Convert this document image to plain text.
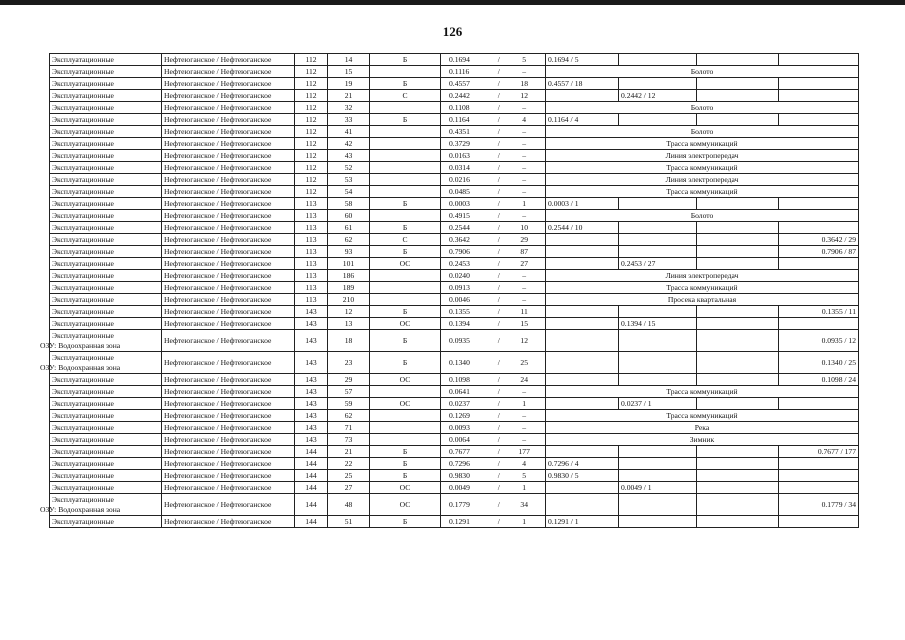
126
Эксплуатационные	Нефтеюганское / Нефтеюганское	112	14	Б	0.1694 / 5	0.1694 / 5			

Эксплуатационные	Нефтеюганское / Нефтеюганское	112	15		0.1116 / –	Болото			

Эксплуатационные	Нефтеюганское / Нефтеюганское	112	19	Б	0.4557 / 18	0.4557 / 18			

Эксплуатационные	Нефтеюганское / Нефтеюганское	112	21	С	0.2442 / 12		0.2442 / 12		

Эксплуатационные	Нефтеюганское / Нефтеюганское	112	32		0.1108 / –	Болото			

Эксплуатационные	Нефтеюганское / Нефтеюганское	112	33	Б	0.1164 / 4	0.1164 / 4			

Эксплуатационные	Нефтеюганское / Нефтеюганское	112	41		0.4351 / –	Болото			

Эксплуатационные	Нефтеюганское / Нефтеюганское	112	42		0.3729 / –	Трасса коммуникаций			

Эксплуатационные	Нефтеюганское / Нефтеюганское	112	43		0.0163 / –	Линия электропередач			

Эксплуатационные	Нефтеюганское / Нефтеюганское	112	52		0.0314 / –	Трасса коммуникаций			

Эксплуатационные	Нефтеюганское / Нефтеюганское	112	53		0.0216 / –	Линия электропередач			

Эксплуатационные	Нефтеюганское / Нефтеюганское	112	54		0.0485 / –	Трасса коммуникаций			

Эксплуатационные	Нефтеюганское / Нефтеюганское	113	58	Б	0.0003 / 1	0.0003 / 1			

Эксплуатационные	Нефтеюганское / Нефтеюганское	113	60		0.4915 / –	Болото			

Эксплуатационные	Нефтеюганское / Нефтеюганское	113	61	Б	0.2544 / 10	0.2544 / 10			

Эксплуатационные	Нефтеюганское / Нефтеюганское	113	62	С	0.3642 / 29				0.3642 / 29

Эксплуатационные	Нефтеюганское / Нефтеюганское	113	93	Б	0.7906 / 87				0.7906 / 87

Эксплуатационные	Нефтеюганское / Нефтеюганское	113	101	ОС	0.2453 / 27		0.2453 / 27		

Эксплуатационные	Нефтеюганское / Нефтеюганское	113	186		0.0240 / –	Линия электропередач			

Эксплуатационные	Нефтеюганское / Нефтеюганское	113	189		0.0913 / –	Трасса коммуникаций			

Эксплуатационные	Нефтеюганское / Нефтеюганское	113	210		0.0046 / –	Просека квартальная			

Эксплуатационные	Нефтеюганское / Нефтеюганское	143	12	Б	0.1355 / 11				0.1355 / 11

Эксплуатационные	Нефтеюганское / Нефтеюганское	143	13	ОС	0.1394 / 15		0.1394 / 15		

Эксплуатационные
ОЗУ: Водоохранная зона	Нефтеюганское / Нефтеюганское	143	18	Б	0.0935 / 12				0.0935 / 12

Эксплуатационные
ОЗУ: Водоохранная зона	Нефтеюганское / Нефтеюганское	143	23	Б	0.1340 / 25				0.1340 / 25

Эксплуатационные	Нефтеюганское / Нефтеюганское	143	29	ОС	0.1098 / 24				0.1098 / 24

Эксплуатационные	Нефтеюганское / Нефтеюганское	143	57		0.0641 / –	Трасса коммуникаций			

Эксплуатационные	Нефтеюганское / Нефтеюганское	143	59	ОС	0.0237 / 1		0.0237 / 1		

Эксплуатационные	Нефтеюганское / Нефтеюганское	143	62		0.1269 / –	Трасса коммуникаций			

Эксплуатационные	Нефтеюганское / Нефтеюганское	143	71		0.0093 / –	Река			

Эксплуатационные	Нефтеюганское / Нефтеюганское	143	73		0.0064 / –	Зимник			

Эксплуатационные	Нефтеюганское / Нефтеюганское	144	21	Б	0.7677 / 177				0.7677 / 177

Эксплуатационные	Нефтеюганское / Нефтеюганское	144	22	Б	0.7296 / 4	0.7296 / 4			

Эксплуатационные	Нефтеюганское / Нефтеюганское	144	25	Б	0.9830 / 5	0.9830 / 5			

Эксплуатационные	Нефтеюганское / Нефтеюганское	144	27	ОС	0.0049 / 1		0.0049 / 1		

Эксплуатационные
ОЗУ: Водоохранная зона	Нефтеюганское / Нефтеюганское	144	48	ОС	0.1779 / 34				0.1779 / 34

Эксплуатационные	Нефтеюганское / Нефтеюганское	144	51	Б	0.1291 / 1	0.1291 / 1			
